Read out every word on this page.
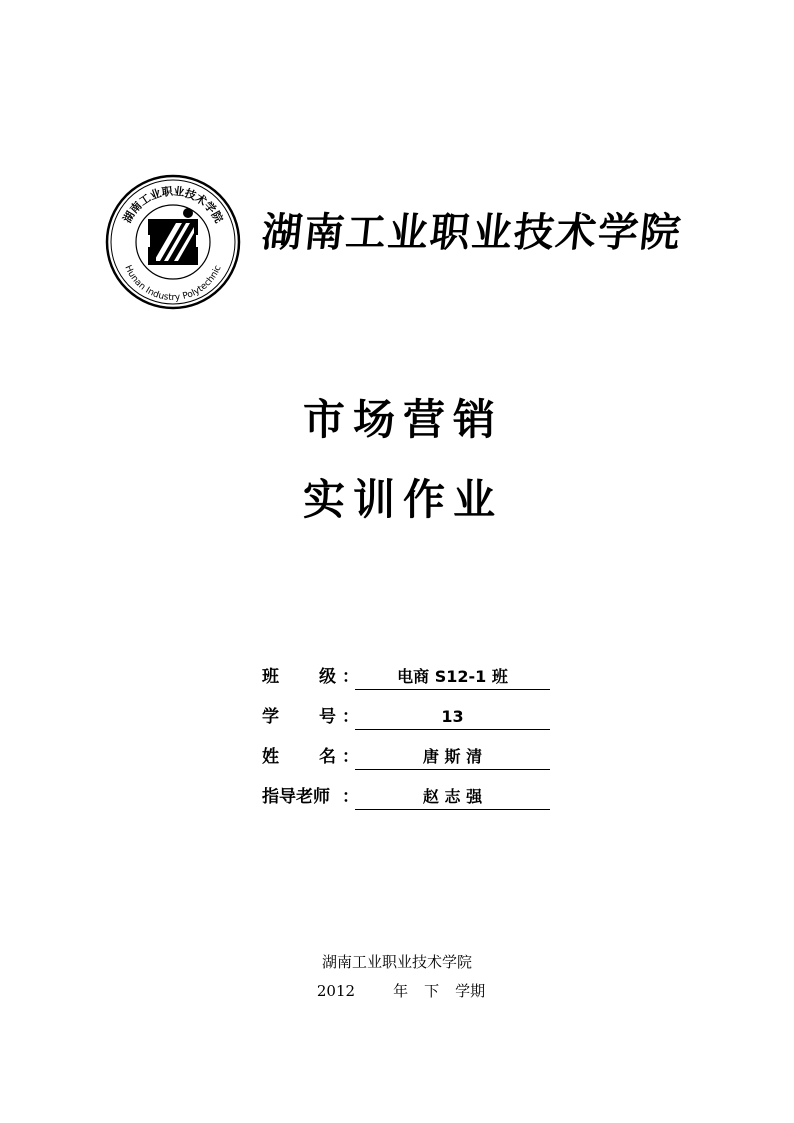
湖南工业职业技术学院
Hunan Industry Polytechnic
湖南工业职业技术学院
市场营销
实训作业
班 级 ：	电商 S12-1 班
学 号 ：	13
姓 名 ：	唐 斯 清
指导老师 ：	赵 志 强
湖南工业职业技术学院
2012	年 下 学期
